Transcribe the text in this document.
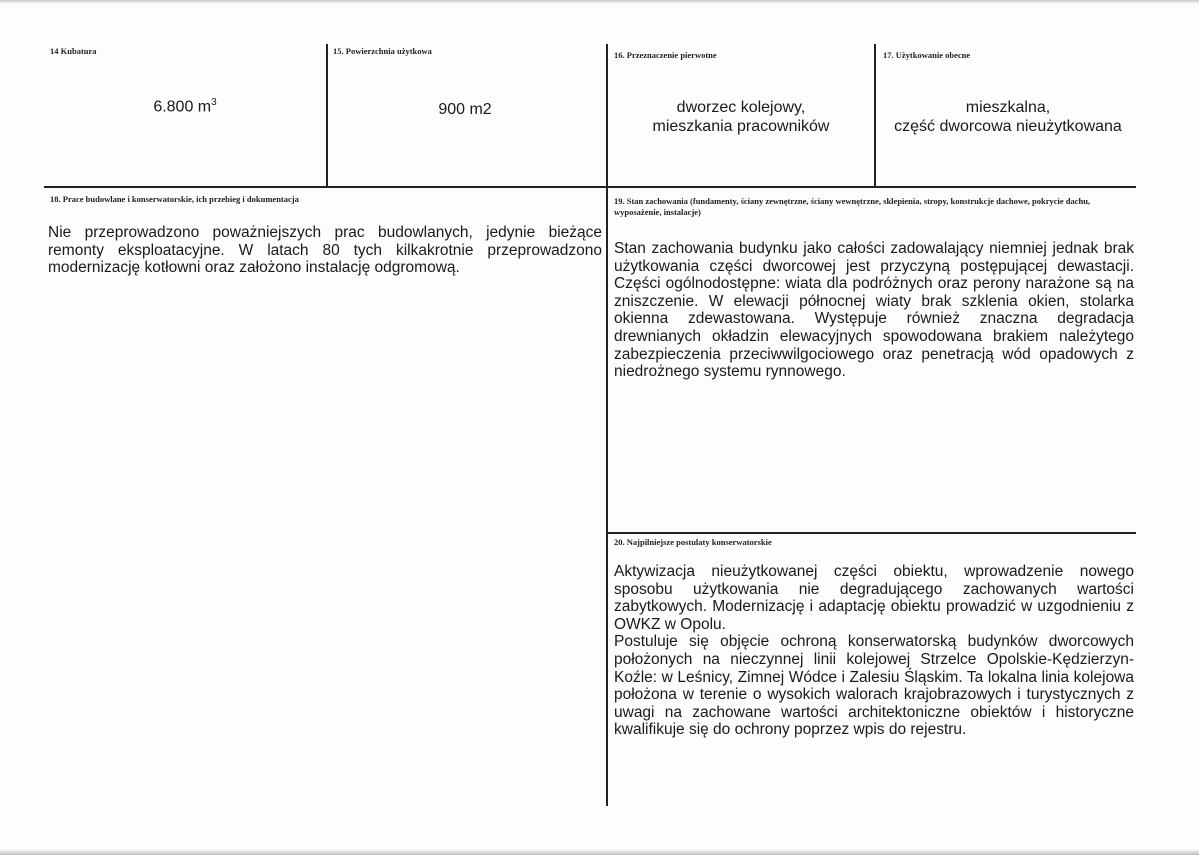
14 Kubatura
6.800 $m^3$
15. Powierzchnia użytkowa
900 m2
16. Przeznaczenie pierwotne
dworzec kolejowy,
mieszkania pracowników
17. Użytkowanie obecne
mieszkalna,
część dworcowa nieużytkowana
18. Prace budowlane i konserwatorskie, ich przebieg i dokumentacja
Nie przeprowadzono poważniejszych prac budowlanych, jedynie bieżące remonty eksploatacyjne. W latach 80 tych kilkakrotnie przeprowadzono modernizację kotłowni oraz założono instalację odgromową.
19. Stan zachowania (fundamenty, ściany zewnętrzne, ściany wewnętrzne, sklepienia, stropy, konstrukcje dachowe, pokrycie dachu, wyposażenie, instalacje)
Stan zachowania budynku jako całości zadowalający niemniej jednak brak użytkowania części dworcowej jest przyczyną postępującej dewastacji. Części ogólnodostępne: wiata dla podróżnych oraz perony narażone są na zniszczenie. W elewacji północnej wiaty brak szklenia okien, stolarka okienna zdewastowana. Występuje również znaczna degradacja drewnianych okładzin elewacyjnych spowodowana brakiem należytego zabezpieczenia przeciwwilgociowego oraz penetracją wód opadowych z niedrożnego systemu rynnowego.
20. Najpilniejsze postulaty konserwatorskie
Aktywizacja nieużytkowanej części obiektu, wprowadzenie nowego sposobu użytkowania nie degradującego zachowanych wartości zabytkowych. Modernizację i adaptację obiektu prowadzić w uzgodnieniu z OWKZ w Opolu.
Postuluje się objęcie ochroną konserwatorską budynków dworcowych położonych na nieczynnej linii kolejowej Strzelce Opolskie-Kędzierzyn-Koźle: w Leśnicy, Zimnej Wódce i Zalesiu Śląskim. Ta lokalna linia kolejowa położona w terenie o wysokich walorach krajobrazowych i turystycznych z uwagi na zachowane wartości architektoniczne obiektów i historyczne kwalifikuje się do ochrony poprzez wpis do rejestru.
